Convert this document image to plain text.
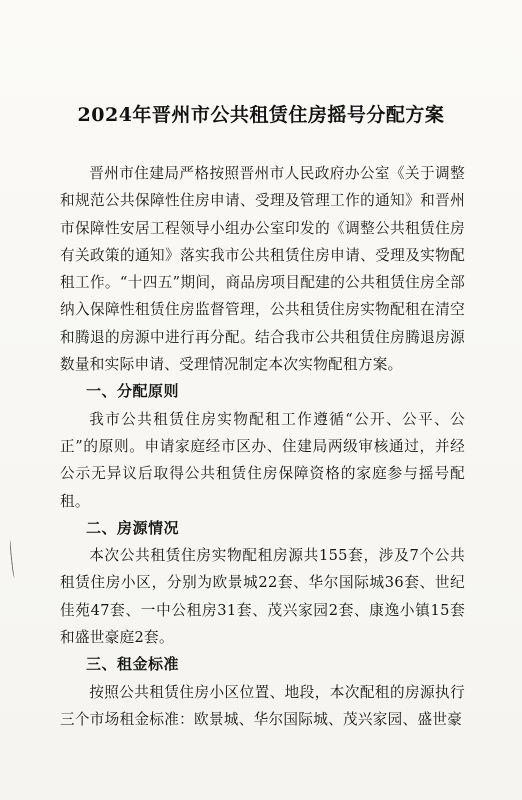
2024年晋州市公共租赁住房摇号分配方案

晋州市住建局严格按照晋州市人民政府办公室《关于调整和规范公共保障性住房申请、受理及管理工作的通知》和晋州市保障性安居工程领导小组办公室印发的《调整公共租赁住房有关政策的通知》落实我市公共租赁住房申请、受理及实物配租工作。“十四五”期间，商品房项目配建的公共租赁住房全部纳入保障性租赁住房监督管理，公共租赁住房实物配租在清空和腾退的房源中进行再分配。结合我市公共租赁住房腾退房源数量和实际申请、受理情况制定本次实物配租方案。

一、分配原则

我市公共租赁住房实物配租工作遵循“公开、公平、公正”的原则。申请家庭经市区办、住建局两级审核通过，并经公示无异议后取得公共租赁住房保障资格的家庭参与摇号配租。

二、房源情况

本次公共租赁住房实物配租房源共155套，涉及7个公共租赁住房小区，分别为欧景城22套、华尔国际城36套、世纪佳苑47套、一中公租房31套、茂兴家园2套、康逸小镇15套和盛世豪庭2套。

三、租金标准

按照公共租赁住房小区位置、地段，本次配租的房源执行三个市场租金标准：欧景城、华尔国际城、茂兴家园、盛世豪
